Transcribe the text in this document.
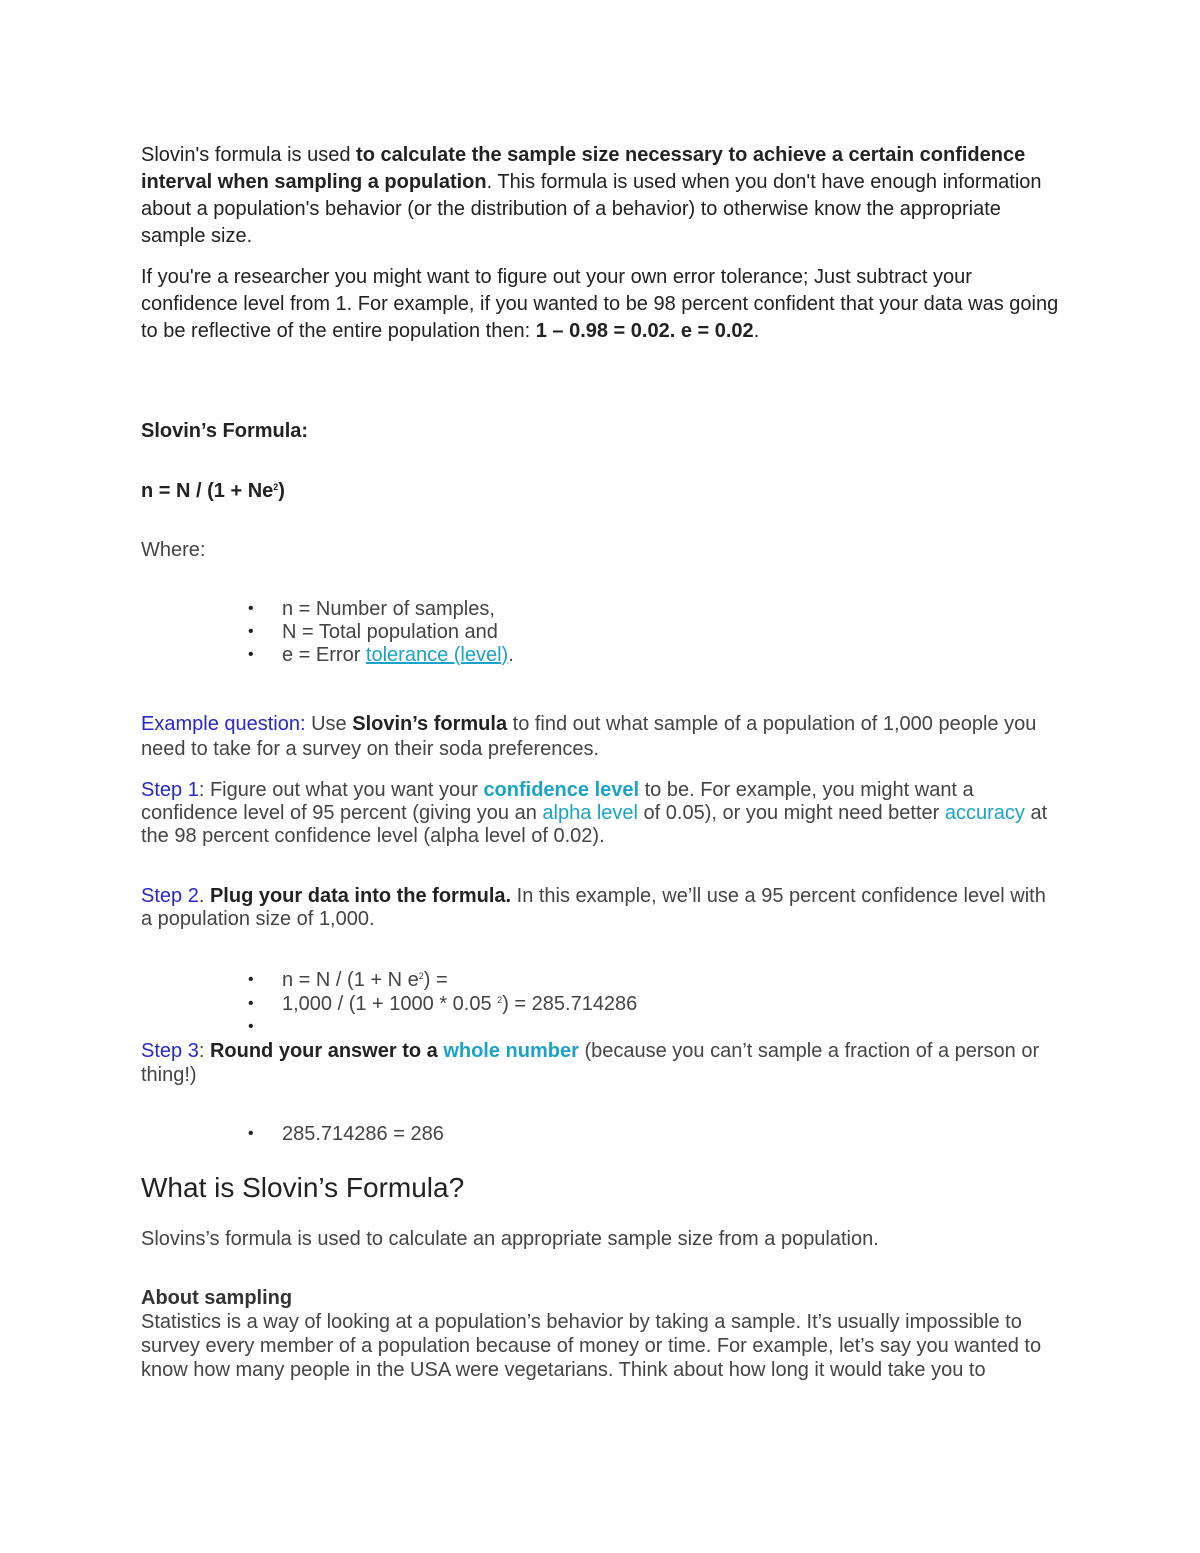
Slovin's formula is used to calculate the sample size necessary to achieve a certain confidence interval when sampling a population. This formula is used when you don't have enough information about a population's behavior (or the distribution of a behavior) to otherwise know the appropriate sample size.
If you're a researcher you might want to figure out your own error tolerance; Just subtract your confidence level from 1. For example, if you wanted to be 98 percent confident that your data was going to be reflective of the entire population then: 1 – 0.98 = 0.02. e = 0.02.
Slovin’s Formula:
$n = N / (1 + Ne^2)$
Where:
• n = Number of samples,
• N = Total population and
• e = Error tolerance (level).
Example question: Use Slovin’s formula to find out what sample of a population of 1,000 people you need to take for a survey on their soda preferences.
Step 1: Figure out what you want your confidence level to be. For example, you might want a confidence level of 95 percent (giving you an alpha level of 0.05), or you might need better accuracy at the 98 percent confidence level (alpha level of 0.02).
Step 2. Plug your data into the formula. In this example, we’ll use a 95 percent confidence level with a population size of 1,000.
• n = N / (1 + N $e^2$) =
• 1,000 / (1 + 1000 * 0.05 $^2$) = 285.714286
•
Step 3: Round your answer to a whole number (because you can’t sample a fraction of a person or thing!)
• 285.714286 = 286
What is Slovin’s Formula?
Slovins’s formula is used to calculate an appropriate sample size from a population.
About sampling
Statistics is a way of looking at a population’s behavior by taking a sample. It’s usually impossible to survey every member of a population because of money or time. For example, let’s say you wanted to know how many people in the USA were vegetarians. Think about how long it would take you to
